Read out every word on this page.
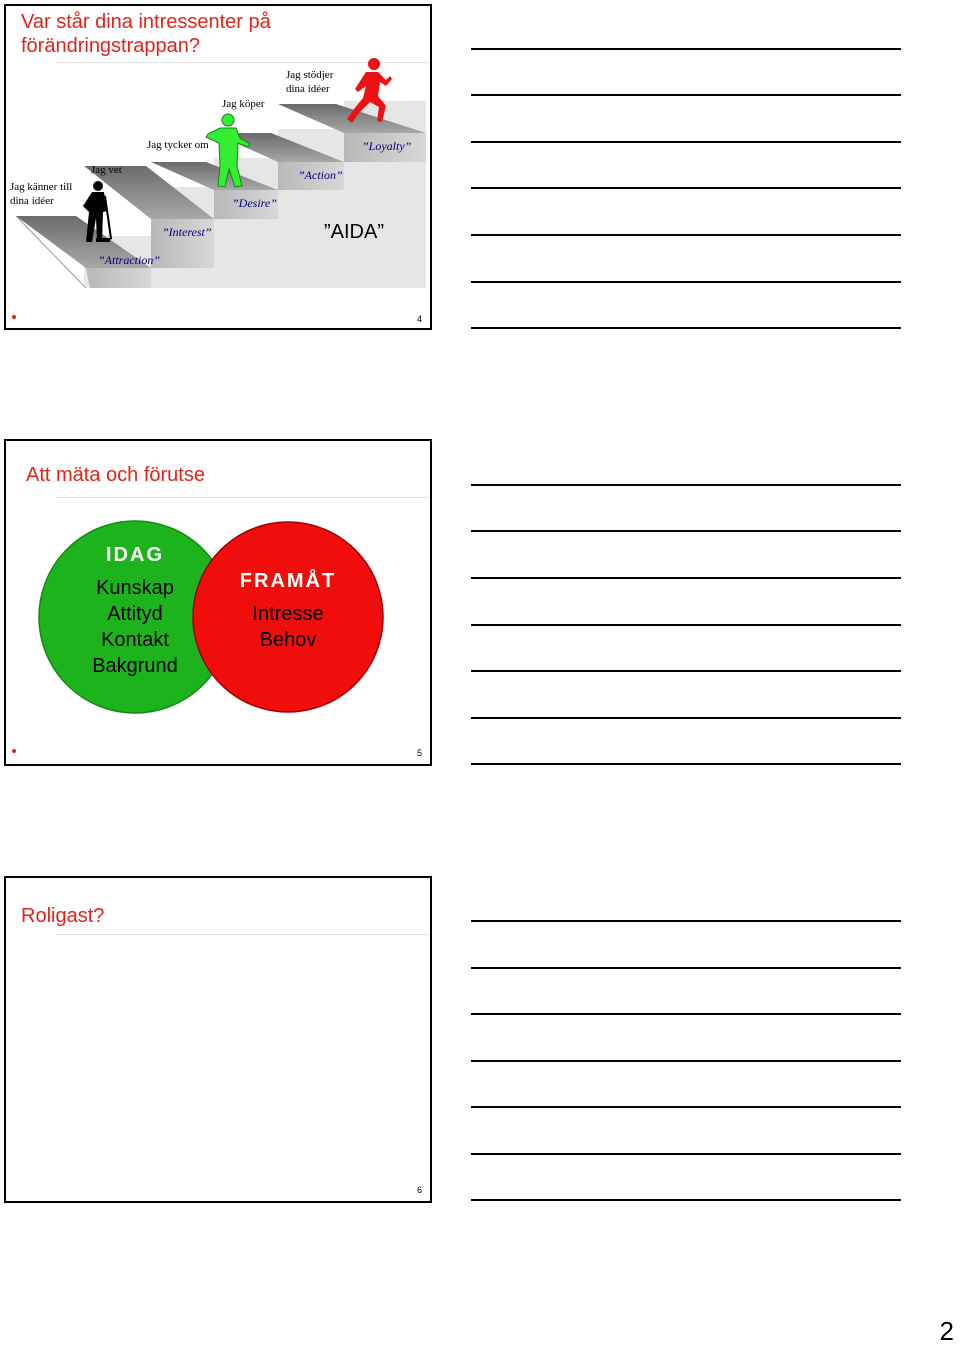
Var står dina intressenter på
förändringstrappan?
Jag känner till
dina idéer
Jag vet
Jag tycker om
Jag köper
Jag stödjer
dina idéer
”Attraction”
”Interest”
”Desire”
”Action”
”Loyalty”
”AIDA”
4
Att mäta och förutse
IDAG
Kunskap
Attityd
Kontakt
Bakgrund
FRAMÅT
Intresse
Behov
5
Roligast?
6
2
